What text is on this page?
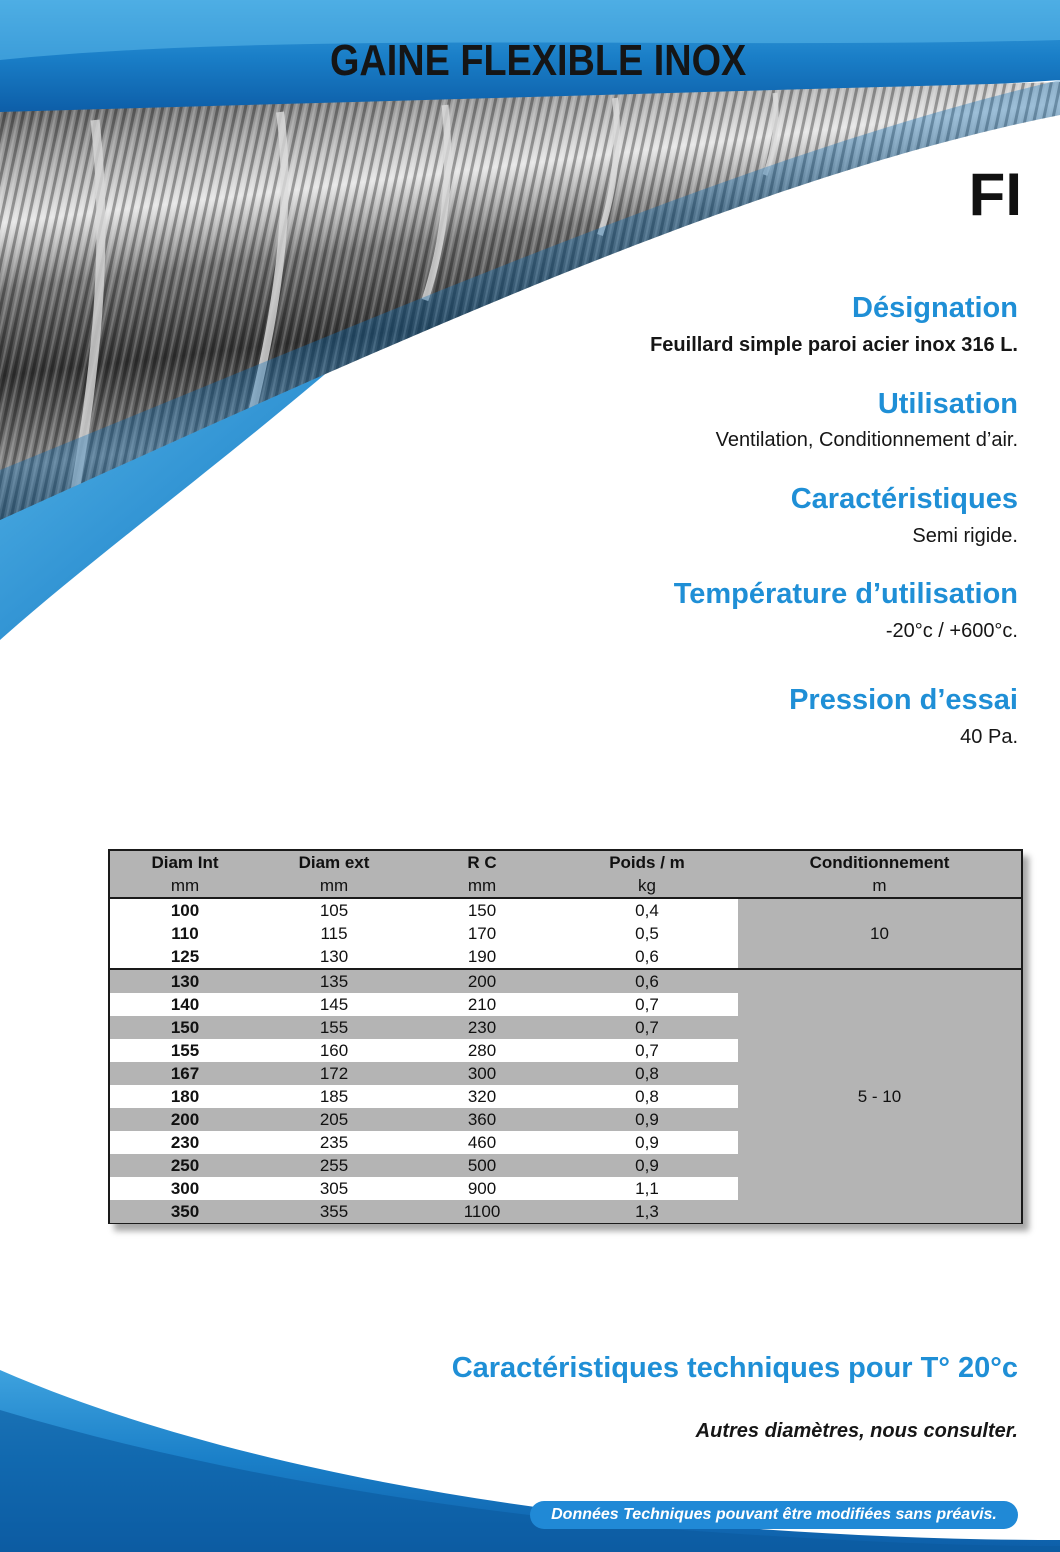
GAINE FLEXIBLE INOX
FI
Désignation
Feuillard simple paroi acier inox 316 L.
Utilisation
Ventilation, Conditionnement d’air.
Caractéristiques
Semi rigide.
Température d’utilisation
-20°c / +600°c.
Pression d’essai
40 Pa.
Diam Int	Diam ext	R C	Poids / m	Conditionnement
mm	mm	mm	kg	m
100	105	150	0,4	10
110	115	170	0,5	
125	130	190	0,6	
130	135	200	0,6	5 - 10
140	145	210	0,7	
150	155	230	0,7	
155	160	280	0,7	
167	172	300	0,8	
180	185	320	0,8	
200	205	360	0,9	
230	235	460	0,9	
250	255	500	0,9	
300	305	900	1,1	
350	355	1100	1,3	
Caractéristiques techniques pour T° 20°c
Autres diamètres, nous consulter.
Données Techniques pouvant être modifiées sans préavis.
